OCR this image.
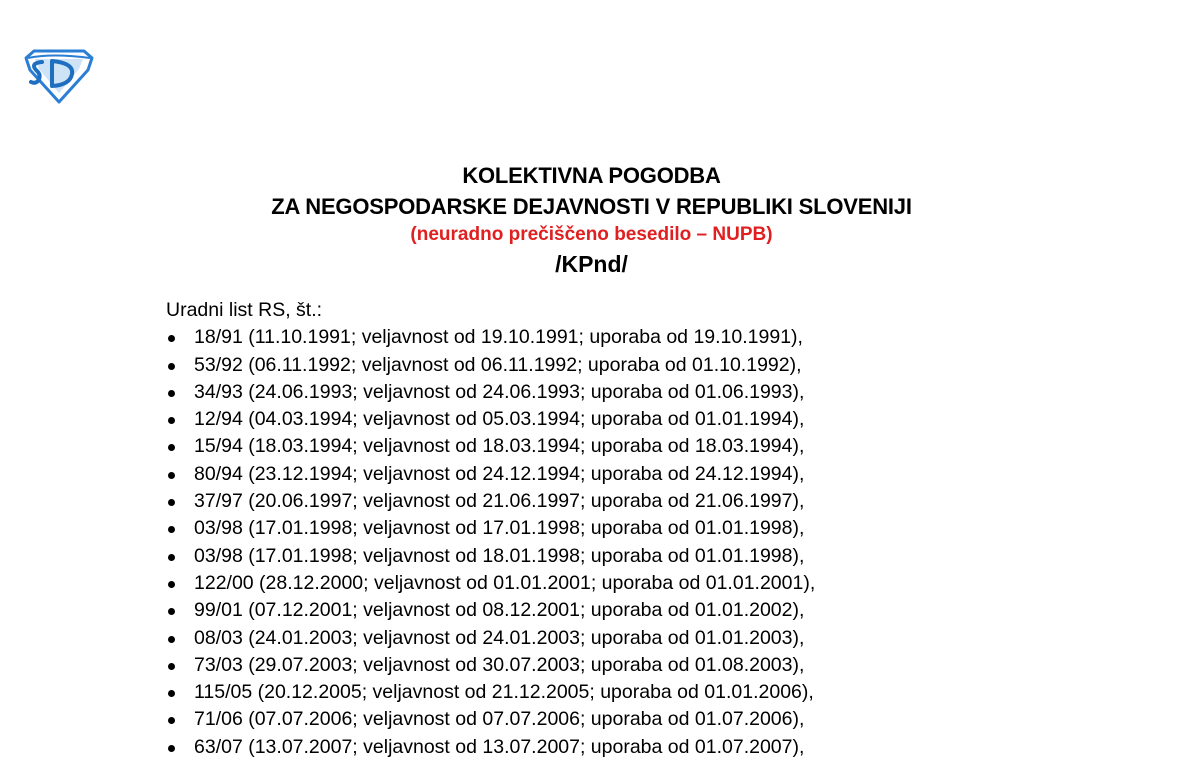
KOLEKTIVNA POGODBA
ZA NEGOSPODARSKE DEJAVNOSTI V REPUBLIKI SLOVENIJI
(neuradno prečiščeno besedilo – NUPB)
/KPnd/

Uradni list RS, št.:

18/91 (11.10.1991; veljavnost od 19.10.1991; uporaba od 19.10.1991),
53/92 (06.11.1992; veljavnost od 06.11.1992; uporaba od 01.10.1992),
34/93 (24.06.1993; veljavnost od 24.06.1993; uporaba od 01.06.1993),
12/94 (04.03.1994; veljavnost od 05.03.1994; uporaba od 01.01.1994),
15/94 (18.03.1994; veljavnost od 18.03.1994; uporaba od 18.03.1994),
80/94 (23.12.1994; veljavnost od 24.12.1994; uporaba od 24.12.1994),
37/97 (20.06.1997; veljavnost od 21.06.1997; uporaba od 21.06.1997),
03/98 (17.01.1998; veljavnost od 17.01.1998; uporaba od 01.01.1998),
03/98 (17.01.1998; veljavnost od 18.01.1998; uporaba od 01.01.1998),
122/00 (28.12.2000; veljavnost od 01.01.2001; uporaba od 01.01.2001),
99/01 (07.12.2001; veljavnost od 08.12.2001; uporaba od 01.01.2002),
08/03 (24.01.2003; veljavnost od 24.01.2003; uporaba od 01.01.2003),
73/03 (29.07.2003; veljavnost od 30.07.2003; uporaba od 01.08.2003),
115/05 (20.12.2005; veljavnost od 21.12.2005; uporaba od 01.01.2006),
71/06 (07.07.2006; veljavnost od 07.07.2006; uporaba od 01.07.2006),
63/07 (13.07.2007; veljavnost od 13.07.2007; uporaba od 01.07.2007),
